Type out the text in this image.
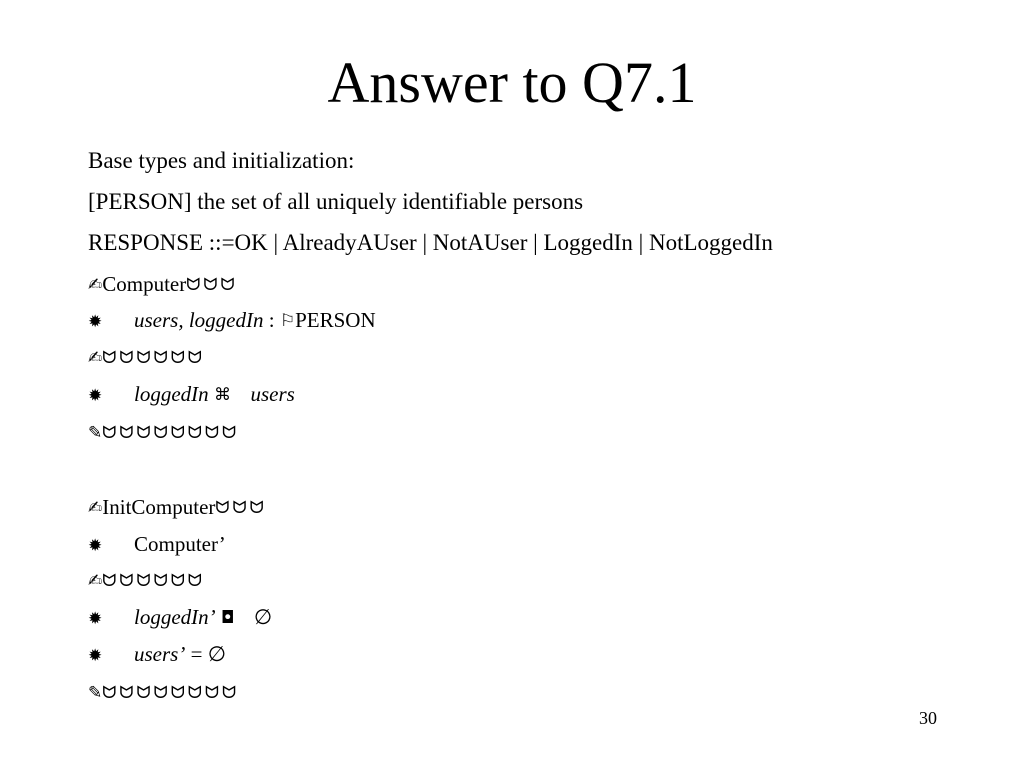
Answer to Q7.1
Base types and initialization:
[PERSON] the set of all uniquely identifiable persons
RESPONSE ::=OK | AlreadyAUser | NotAUser | LoggedIn | NotLoggedIn
✍Computerᗢᗢᗢ
✹ users, loggedIn : ⚐PERSON
✍ᗢᗢᗢᗢᗢᗢ
✹ loggedIn ⌘ users
✎ᗢᗢᗢᗢᗢᗢᗢᗢ
✍InitComputerᗢᗢᗢ
✹ Computer’
✍ᗢᗢᗢᗢᗢᗢ
✹ loggedIn’ ◘ ∅
✹ users’ = ∅
✎ᗢᗢᗢᗢᗢᗢᗢᗢ
30
